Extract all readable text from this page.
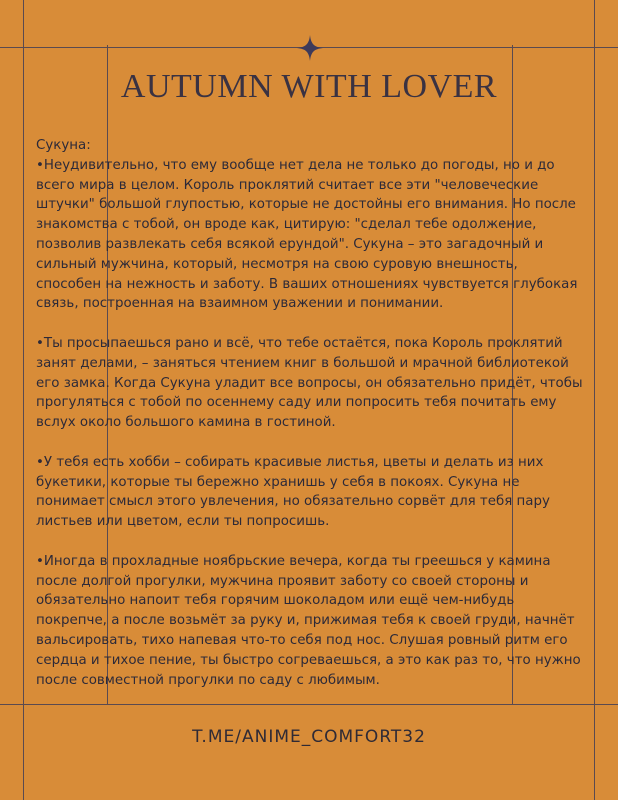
AUTUMN WITH LOVER
Сукуна:

•Неудивительно, что ему вообще нет дела не только до погоды, но и до всего мира в целом. Король проклятий считает все эти "человеческие штучки" большой глупостью, которые не достойны его внимания. Но после знакомства с тобой, он вроде как, цитирую: "сделал тебе одолжение, позволив развлекать себя всякой ерундой". Сукуна – это загадочный и сильный мужчина, который, несмотря на свою суровую внешность, способен на нежность и заботу. В ваших отношениях чувствуется глубокая связь, построенная на взаимном уважении и понимании.

•Ты просыпаешься рано и всё, что тебе остаётся, пока Король проклятий занят делами, – заняться чтением книг в большой и мрачной библиотекой его замка. Когда Сукуна уладит все вопросы, он обязательно придёт, чтобы прогуляться с тобой по осеннему саду или попросить тебя почитать ему вслух около большого камина в гостиной.

•У тебя есть хобби – собирать красивые листья, цветы и делать из них букетики, которые ты бережно хранишь у себя в покоях. Сукуна не понимает смысл этого увлечения, но обязательно сорвёт для тебя пару листьев или цветом, если ты попросишь.

•Иногда в прохладные ноябрьские вечера, когда ты греешься у камина после долгой прогулки, мужчина проявит заботу со своей стороны и обязательно напоит тебя горячим шоколадом или ещё чем-нибудь покрепче, а после возьмёт за руку и, прижимая тебя к своей груди, начнёт вальсировать, тихо напевая что-то себя под нос. Слушая ровный ритм его сердца и тихое пение, ты быстро согреваешься, а это как раз то, что нужно после совместной прогулки по саду с любимым.

T.ME/ANIME_COMFORT32
